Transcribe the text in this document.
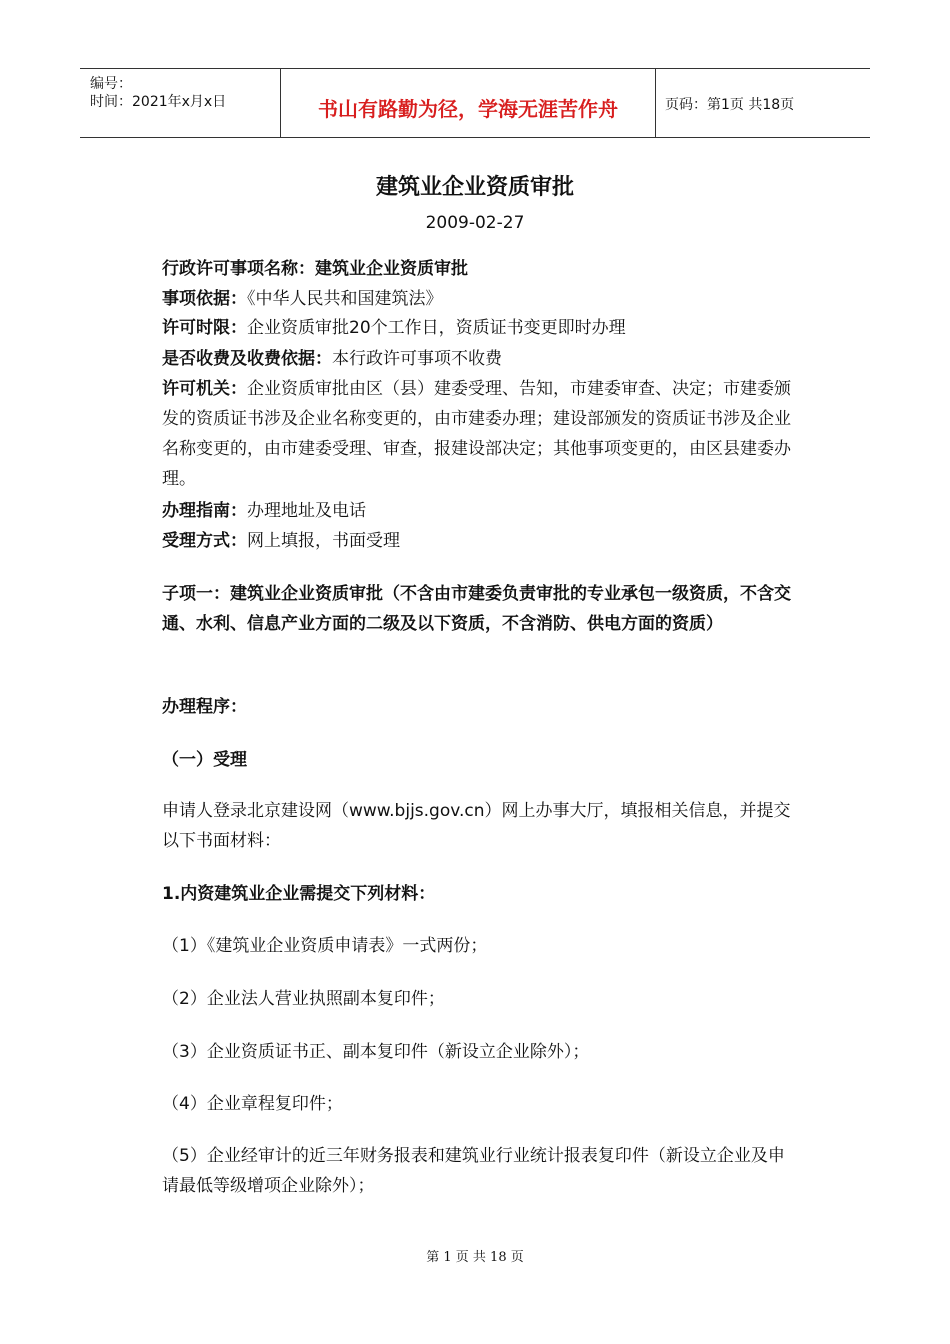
编号：
时间：2021年x月x日	书山有路勤为径，学海无涯苦作舟	页码：第1页 共18页
建筑业企业资质审批
2009-02-27

行政许可事项名称：建筑业企业资质审批

事项依据：《中华人民共和国建筑法》

许可时限：企业资质审批20个工作日，资质证书变更即时办理

是否收费及收费依据：本行政许可事项不收费

许可机关：企业资质审批由区（县）建委受理、告知，市建委审查、决定；市建委颁发的资质证书涉及企业名称变更的，由市建委办理；建设部颁发的资质证书涉及企业名称变更的，由市建委受理、审查，报建设部决定；其他事项变更的，由区县建委办理。

办理指南：办理地址及电话

受理方式：网上填报，书面受理

子项一：建筑业企业资质审批（不含由市建委负责审批的专业承包一级资质，不含交通、水利、信息产业方面的二级及以下资质，不含消防、供电方面的资质）

办理程序：

（一）受理

申请人登录北京建设网（www.bjjs.gov.cn）网上办事大厅，填报相关信息，并提交以下书面材料：

1.内资建筑业企业需提交下列材料：

（1）《建筑业企业资质申请表》一式两份；

（2）企业法人营业执照副本复印件；

（3）企业资质证书正、副本复印件（新设立企业除外）；

（4）企业章程复印件；

（5）企业经审计的近三年财务报表和建筑业行业统计报表复印件（新设立企业及申请最低等级增项企业除外）；

第 1 页 共 18 页
